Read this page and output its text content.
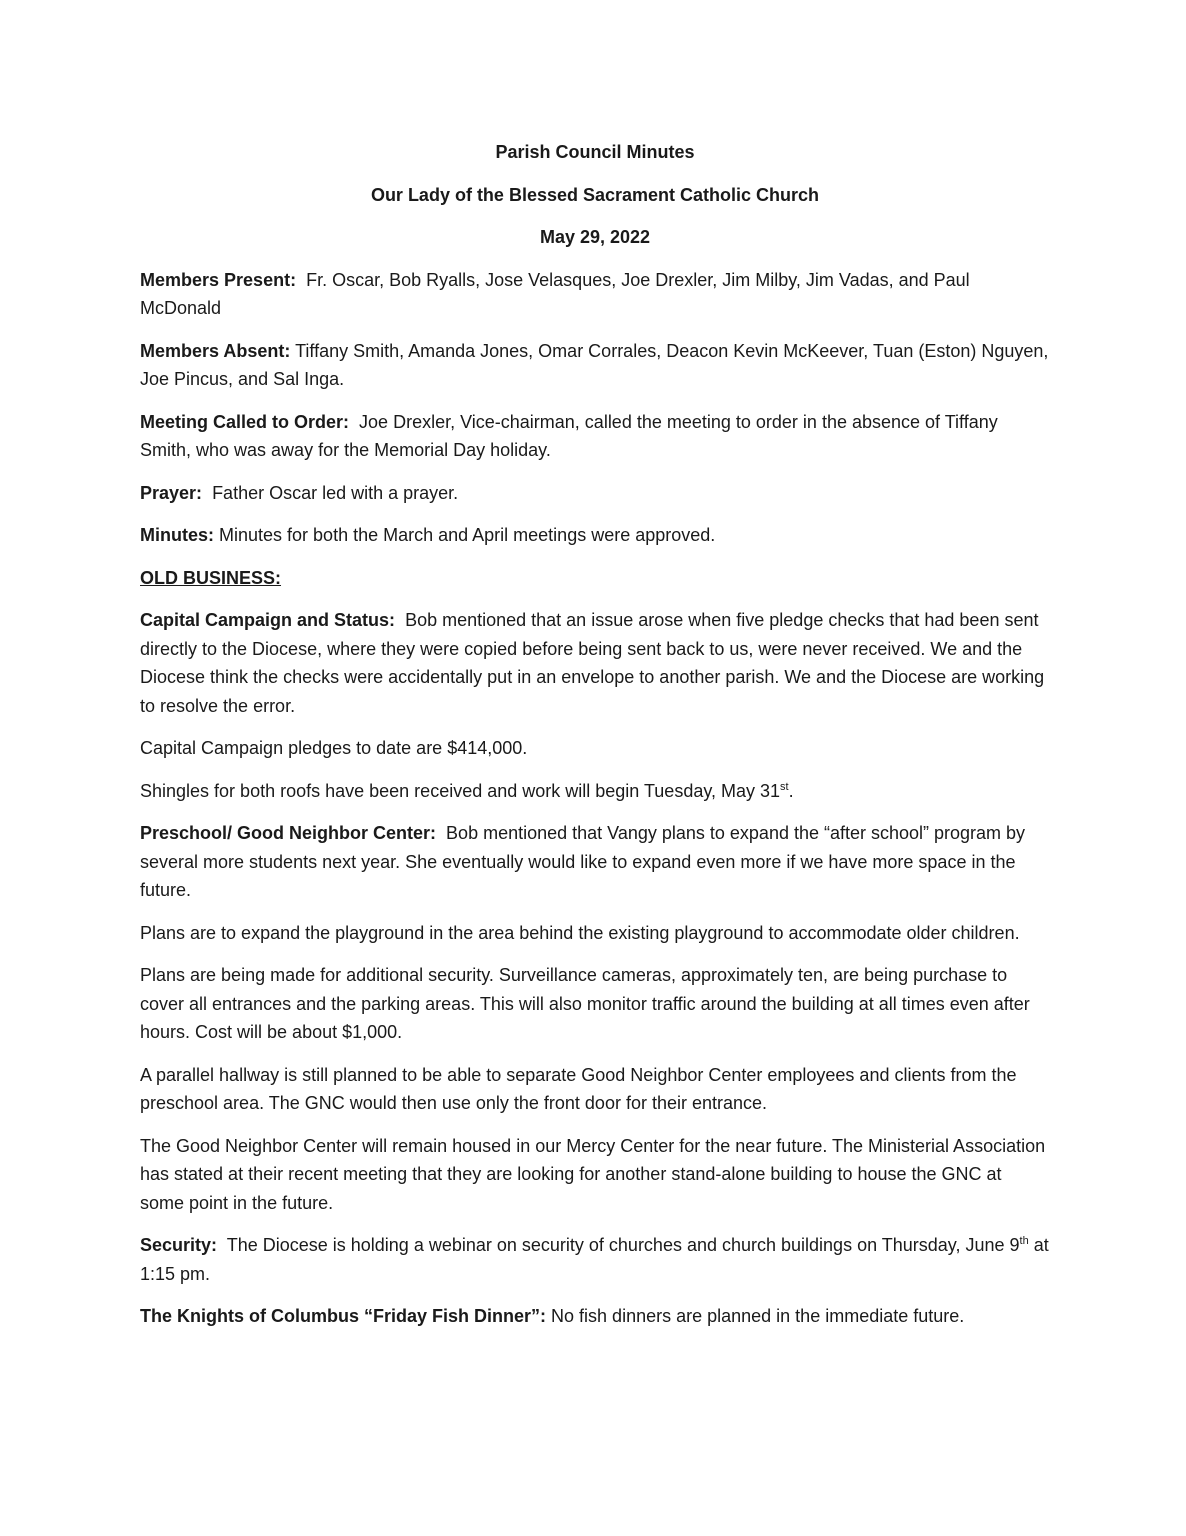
Parish Council Minutes

Our Lady of the Blessed Sacrament Catholic Church

May 29, 2022

Members Present: Fr. Oscar, Bob Ryalls, Jose Velasques, Joe Drexler, Jim Milby, Jim Vadas, and Paul McDonald

Members Absent: Tiffany Smith, Amanda Jones, Omar Corrales, Deacon Kevin McKeever, Tuan (Eston) Nguyen, Joe Pincus, and Sal Inga.

Meeting Called to Order: Joe Drexler, Vice-chairman, called the meeting to order in the absence of Tiffany Smith, who was away for the Memorial Day holiday.

Prayer: Father Oscar led with a prayer.

Minutes: Minutes for both the March and April meetings were approved.

OLD BUSINESS:

Capital Campaign and Status: Bob mentioned that an issue arose when five pledge checks that had been sent directly to the Diocese, where they were copied before being sent back to us, were never received. We and the Diocese think the checks were accidentally put in an envelope to another parish. We and the Diocese are working to resolve the error.

Capital Campaign pledges to date are $414,000.

Shingles for both roofs have been received and work will begin Tuesday, May 31st.

Preschool/ Good Neighbor Center: Bob mentioned that Vangy plans to expand the “after school” program by several more students next year. She eventually would like to expand even more if we have more space in the future.

Plans are to expand the playground in the area behind the existing playground to accommodate older children.

Plans are being made for additional security. Surveillance cameras, approximately ten, are being purchase to cover all entrances and the parking areas. This will also monitor traffic around the building at all times even after hours. Cost will be about $1,000.

A parallel hallway is still planned to be able to separate Good Neighbor Center employees and clients from the preschool area. The GNC would then use only the front door for their entrance.

The Good Neighbor Center will remain housed in our Mercy Center for the near future. The Ministerial Association has stated at their recent meeting that they are looking for another stand-alone building to house the GNC at some point in the future.

Security: The Diocese is holding a webinar on security of churches and church buildings on Thursday, June 9th at 1:15 pm.

The Knights of Columbus “Friday Fish Dinner”: No fish dinners are planned in the immediate future.
